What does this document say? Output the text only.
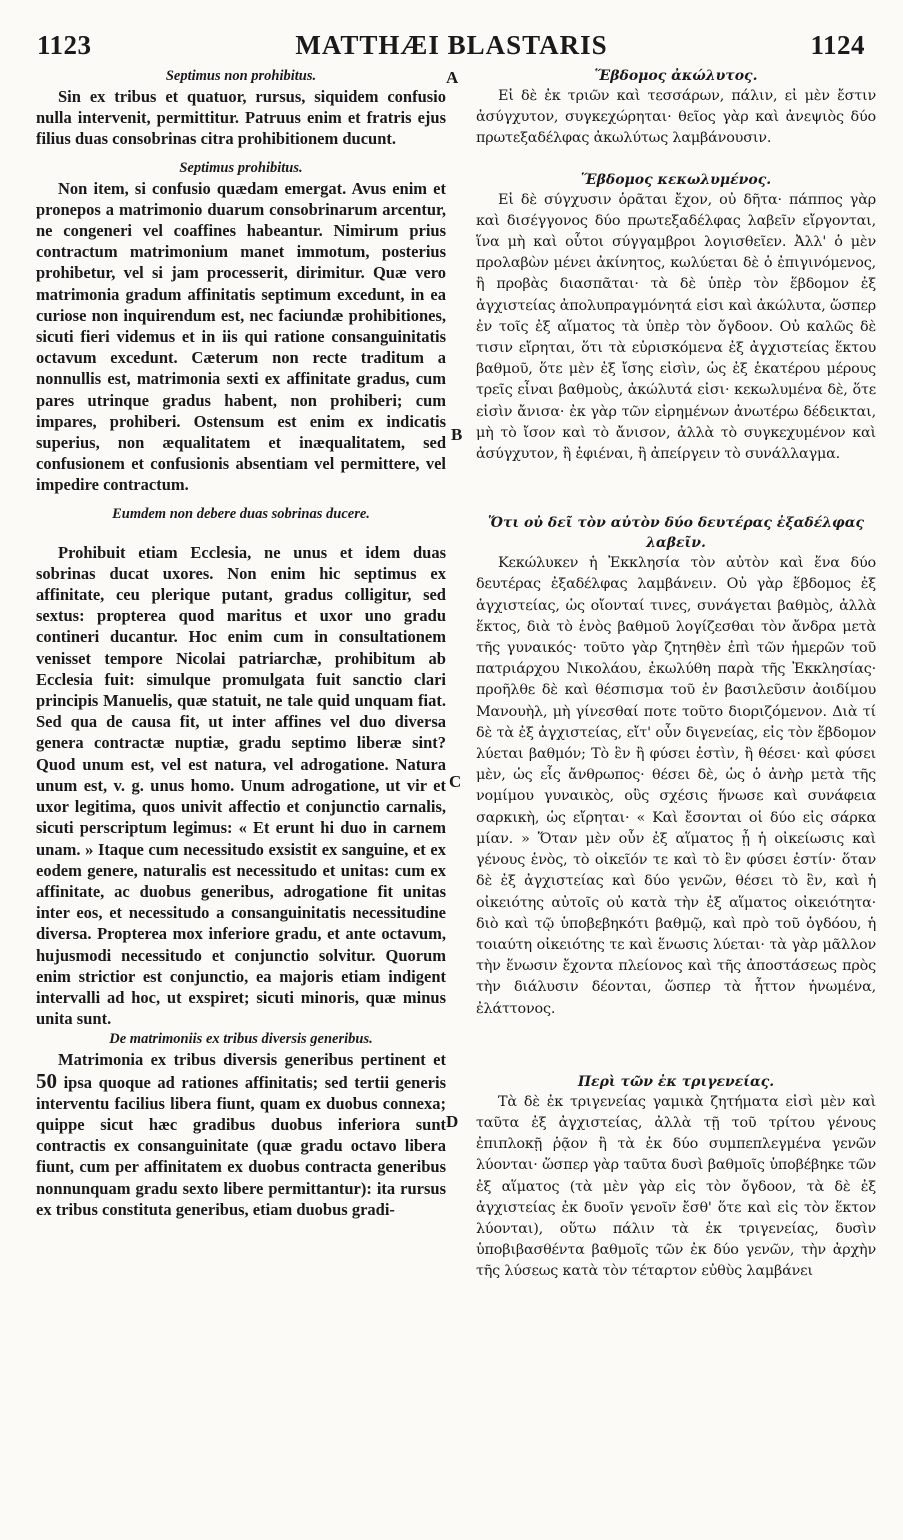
1123	MATTHÆI BLASTARIS	1124
A
B
C
D

Septimus non prohibitus.

Sin ex tribus et quatuor, rursus, siquidem confusio nulla intervenit, permittitur. Patruus enim et fratris ejus filius duas consobrinas citra prohibitionem ducunt.

Septimus prohibitus.

Non item, si confusio quædam emergat. Avus enim et pronepos a matrimonio duarum consobrinarum arcentur, ne congeneri vel coaffines habeantur. Nimirum prius contractum matrimonium manet immotum, posterius prohibetur, vel si jam processerit, dirimitur. Quæ vero matrimonia gradum affinitatis septimum excedunt, in ea curiose non inquirendum est, nec faciundæ prohibitiones, sicuti fieri videmus et in iis qui ratione consanguinitatis octavum excedunt. Cæterum non recte traditum a nonnullis est, matrimonia sexti ex affinitate gradus, cum pares utrinque gradus habent, non prohiberi; cum impares, prohiberi. Ostensum est enim ex indicatis superius, non æqualitatem et inæqualitatem, sed confusionem et confusionis absentiam vel permittere, vel impedire contractum.

Eumdem non debere duas sobrinas ducere.

Prohibuit etiam Ecclesia, ne unus et idem duas sobrinas ducat uxores. Non enim hic septimus ex affinitate, ceu plerique putant, gradus colligitur, sed sextus: propterea quod maritus et uxor uno gradu contineri ducantur. Hoc enim cum in consultationem venisset tempore Nicolai patriarchæ, prohibitum ab Ecclesia fuit: simulque promulgata fuit sanctio clari principis Manuelis, quæ statuit, ne tale quid unquam fiat. Sed qua de causa fit, ut inter affines vel duo diversa genera contractæ nuptiæ, gradu septimo liberæ sint? Quod unum est, vel est natura, vel adrogatione. Natura unum est, v. g. unus homo. Unum adrogatione, ut vir et uxor legitima, quos univit affectio et conjunctio carnalis, sicuti perscriptum legimus: « Et erunt hi duo in carnem unam. » Itaque cum necessitudo exsistit ex sanguine, et ex eodem genere, naturalis est necessitudo et unitas: cum ex affinitate, ac duobus generibus, adrogatione fit unitas inter eos, et necessitudo a consanguinitatis necessitudine diversa. Propterea mox inferiore gradu, et ante octavum, hujusmodi necessitudo et conjunctio solvitur. Quorum enim strictior est conjunctio, ea majoris etiam indigent intervalli ad hoc, ut exspiret; sicuti minoris, quæ minus unita sunt.

De matrimoniis ex tribus diversis generibus.

Matrimonia ex tribus diversis generibus pertinent et 50 ipsa quoque ad rationes affinitatis; sed tertii generis interventu facilius libera fiunt, quam ex duobus connexa; quippe sicut hæc gradibus duobus inferiora sunt contractis ex consanguinitate (quæ gradu octavo libera fiunt, cum per affinitatem ex duobus contracta generibus nonnunquam gradu sexto libere permittantur): ita rursus ex tribus constituta generibus, etiam duobus gradi-

Ἕβδομος ἀκώλυτος.

Εἰ δὲ ἐκ τριῶν καὶ τεσσάρων, πάλιν, εἰ μὲν ἔστιν ἀσύγχυτον, συγκεχώρηται· θεῖος γὰρ καὶ ἀνεψιὸς δύο πρωτεξαδέλφας ἀκωλύτως λαμβάνουσιν.

Ἕβδομος κεκωλυμένος.

Εἰ δὲ σύγχυσιν ὁρᾶται ἔχον, οὐ δῆτα· πάππος γὰρ καὶ δισέγγονος δύο πρωτεξαδέλφας λαβεῖν εἴργονται, ἵνα μὴ καὶ οὗτοι σύγγαμβροι λογισθεῖεν. Ἀλλ' ὁ μὲν προλαβὼν μένει ἀκίνητος, κωλύεται δὲ ὁ ἐπιγινόμενος, ἢ προβὰς διασπᾶται· τὰ δὲ ὑπὲρ τὸν ἕβδομον ἐξ ἀγχιστείας ἀπολυπραγμόνητά εἰσι καὶ ἀκώλυτα, ὥσπερ ἐν τοῖς ἐξ αἵματος τὰ ὑπὲρ τὸν ὄγδοον. Οὐ καλῶς δὲ τισιν εἴρηται, ὅτι τὰ εὑρισκόμενα ἐξ ἀγχιστείας ἕκτου βαθμοῦ, ὅτε μὲν ἐξ ἴσης εἰσὶν, ὡς ἐξ ἑκατέρου μέρους τρεῖς εἶναι βαθμοὺς, ἀκώλυτά εἰσι· κεκωλυμένα δὲ, ὅτε εἰσὶν ἄνισα· ἐκ γὰρ τῶν εἰρημένων ἀνωτέρω δέδεικται, μὴ τὸ ἴσον καὶ τὸ ἄνισον, ἀλλὰ τὸ συγκεχυμένον καὶ ἀσύγχυτον, ἢ ἐφιέναι, ἢ ἀπείργειν τὸ συνάλλαγμα.

Ὅτι οὐ δεῖ τὸν αὐτὸν δύο δευτέρας ἐξαδέλφας λαβεῖν.

Κεκώλυκεν ἡ Ἐκκλησία τὸν αὐτὸν καὶ ἕνα δύο δευτέρας ἐξαδέλφας λαμβάνειν. Οὐ γὰρ ἕβδομος ἐξ ἀγχιστείας, ὡς οἴονταί τινες, συνάγεται βαθμὸς, ἀλλὰ ἕκτος, διὰ τὸ ἑνὸς βαθμοῦ λογίζεσθαι τὸν ἄνδρα μετὰ τῆς γυναικός· τοῦτο γὰρ ζητηθὲν ἐπὶ τῶν ἡμερῶν τοῦ πατριάρχου Νικολάου, ἐκωλύθη παρὰ τῆς Ἐκκλησίας· προῆλθε δὲ καὶ θέσπισμα τοῦ ἐν βασιλεῦσιν ἀοιδίμου Μανουὴλ, μὴ γίνεσθαί ποτε τοῦτο διοριζόμενον. Διὰ τί δὲ τὰ ἐξ ἀγχιστείας, εἴτ' οὖν διγενείας, εἰς τὸν ἕβδομον λύεται βαθμόν; Τὸ ἓν ἢ φύσει ἐστὶν, ἢ θέσει· καὶ φύσει μὲν, ὡς εἷς ἄνθρωπος· θέσει δὲ, ὡς ὁ ἀνὴρ μετὰ τῆς νομίμου γυναικὸς, οὓς σχέσις ἥνωσε καὶ συνάφεια σαρκικὴ, ὡς εἴρηται· « Καὶ ἔσονται οἱ δύο εἰς σάρκα μίαν. » Ὅταν μὲν οὖν ἐξ αἵματος ᾖ ἡ οἰκείωσις καὶ γένους ἑνὸς, τὸ οἰκεῖόν τε καὶ τὸ ἓν φύσει ἐστίν· ὅταν δὲ ἐξ ἀγχιστείας καὶ δύο γενῶν, θέσει τὸ ἓν, καὶ ἡ οἰκειότης αὐτοῖς οὐ κατὰ τὴν ἐξ αἵματος οἰκειότητα· διὸ καὶ τῷ ὑποβεβηκότι βαθμῷ, καὶ πρὸ τοῦ ὀγδόου, ἡ τοιαύτη οἰκειότης τε καὶ ἕνωσις λύεται· τὰ γὰρ μᾶλλον τὴν ἕνωσιν ἔχοντα πλείονος καὶ τῆς ἀποστάσεως πρὸς τὴν διάλυσιν δέονται, ὥσπερ τὰ ἧττον ἡνωμένα, ἐλάττονος.

Περὶ τῶν ἐκ τριγενείας.

Τὰ δὲ ἐκ τριγενείας γαμικὰ ζητήματα εἰσὶ μὲν καὶ ταῦτα ἐξ ἀγχιστείας, ἀλλὰ τῇ τοῦ τρίτου γένους ἐπιπλοκῇ ῥᾷον ἢ τὰ ἐκ δύο συμπεπλεγμένα γενῶν λύονται· ὥσπερ γὰρ ταῦτα δυσὶ βαθμοῖς ὑποβέβηκε τῶν ἐξ αἵματος (τὰ μὲν γὰρ εἰς τὸν ὄγδοον, τὰ δὲ ἐξ ἀγχιστείας ἐκ δυοῖν γενοῖν ἔσθ' ὅτε καὶ εἰς τὸν ἕκτον λύονται), οὕτω πάλιν τὰ ἐκ τριγενείας, δυσὶν ὑποβιβασθέντα βαθμοῖς τῶν ἐκ δύο γενῶν, τὴν ἀρχὴν τῆς λύσεως κατὰ τὸν τέταρτον εὐθὺς λαμβάνει
